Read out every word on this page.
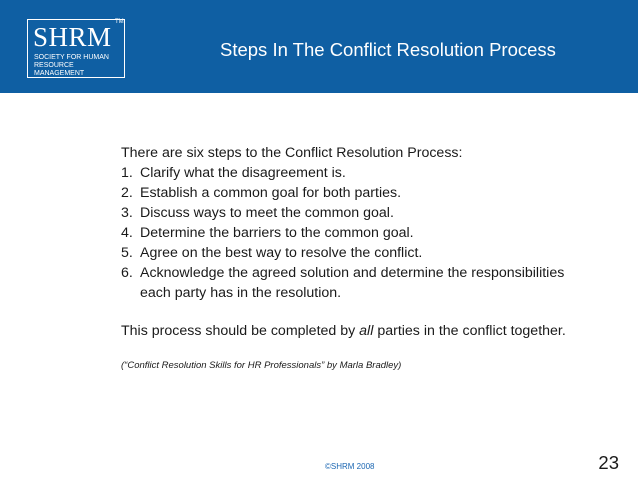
SHRM
SOCIETY FOR HUMAN
RESOURCE MANAGEMENT
TM
Steps In The Conflict Resolution Process

There are six steps to the Conflict Resolution Process:

1. Clarify what the disagreement is.
2. Establish a common goal for both parties.
3. Discuss ways to meet the common goal.
4. Determine the barriers to the common goal.
5. Agree on the best way to resolve the conflict.
6. Acknowledge the agreed solution and determine the responsibilities each party has in the resolution.

This process should be completed by all parties in the conflict together.

(“Conflict Resolution Skills for HR Professionals” by Marla Bradley)

©SHRM 2008	23
